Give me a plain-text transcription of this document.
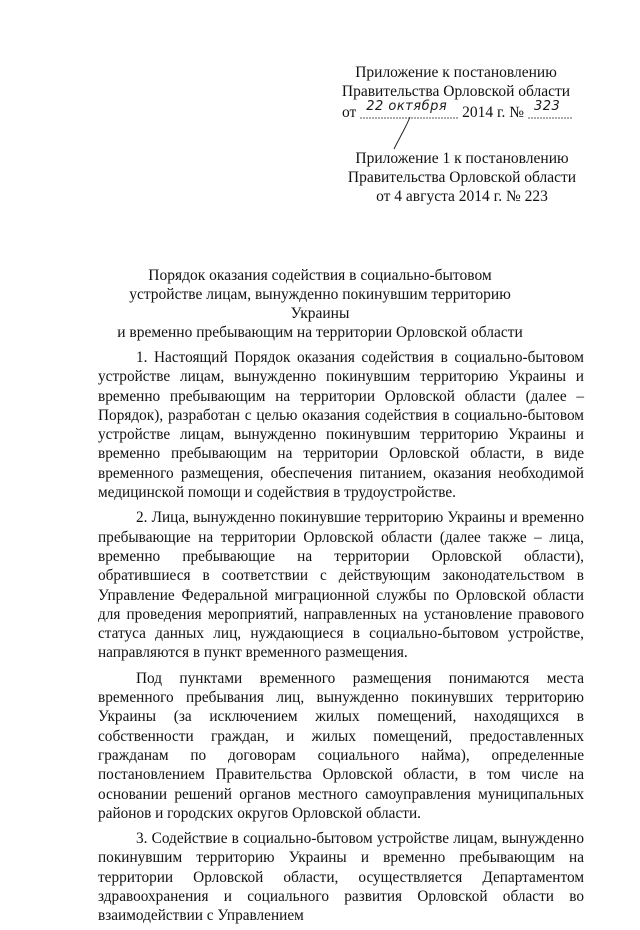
Приложение к постановлению
Правительства Орловской области
от 22 октября 2014 г. № 323
Приложение 1 к постановлению
Правительства Орловской области
от 4 августа 2014 г. № 223
Порядок оказания содействия в социально-бытовом
устройстве лицам, вынужденно покинувшим территорию Украины
и временно пребывающим на территории Орловской области

1. Настоящий Порядок оказания содействия в социально-бытовом устройстве лицам, вынужденно покинувшим территорию Украины и временно пребывающим на территории Орловской области (далее – Порядок), разработан с целью оказания содействия в социально-бытовом устройстве лицам, вынужденно покинувшим территорию Украины и временно пребывающим на территории Орловской области, в виде временного размещения, обеспечения питанием, оказания необходимой медицинской помощи и содействия в трудоустройстве.

2. Лица, вынужденно покинувшие территорию Украины и временно пребывающие на территории Орловской области (далее также – лица, временно пребывающие на территории Орловской области), обратившиеся в соответствии с действующим законодательством в Управление Федеральной миграционной службы по Орловской области для проведения мероприятий, направленных на установление правового статуса данных лиц, нуждающиеся в социально-бытовом устройстве, направляются в пункт временного размещения.

Под пунктами временного размещения понимаются места временного пребывания лиц, вынужденно покинувших территорию Украины (за исключением жилых помещений, находящихся в собственности граждан, и жилых помещений, предоставленных гражданам по договорам социального найма), определенные постановлением Правительства Орловской области, в том числе на основании решений органов местного самоуправления муниципальных районов и городских округов Орловской области.

3. Содействие в социально-бытовом устройстве лицам, вынужденно покинувшим территорию Украины и временно пребывающим на территории Орловской области, осуществляется Департаментом здравоохранения и социального развития Орловской области во взаимодействии с Управлением
